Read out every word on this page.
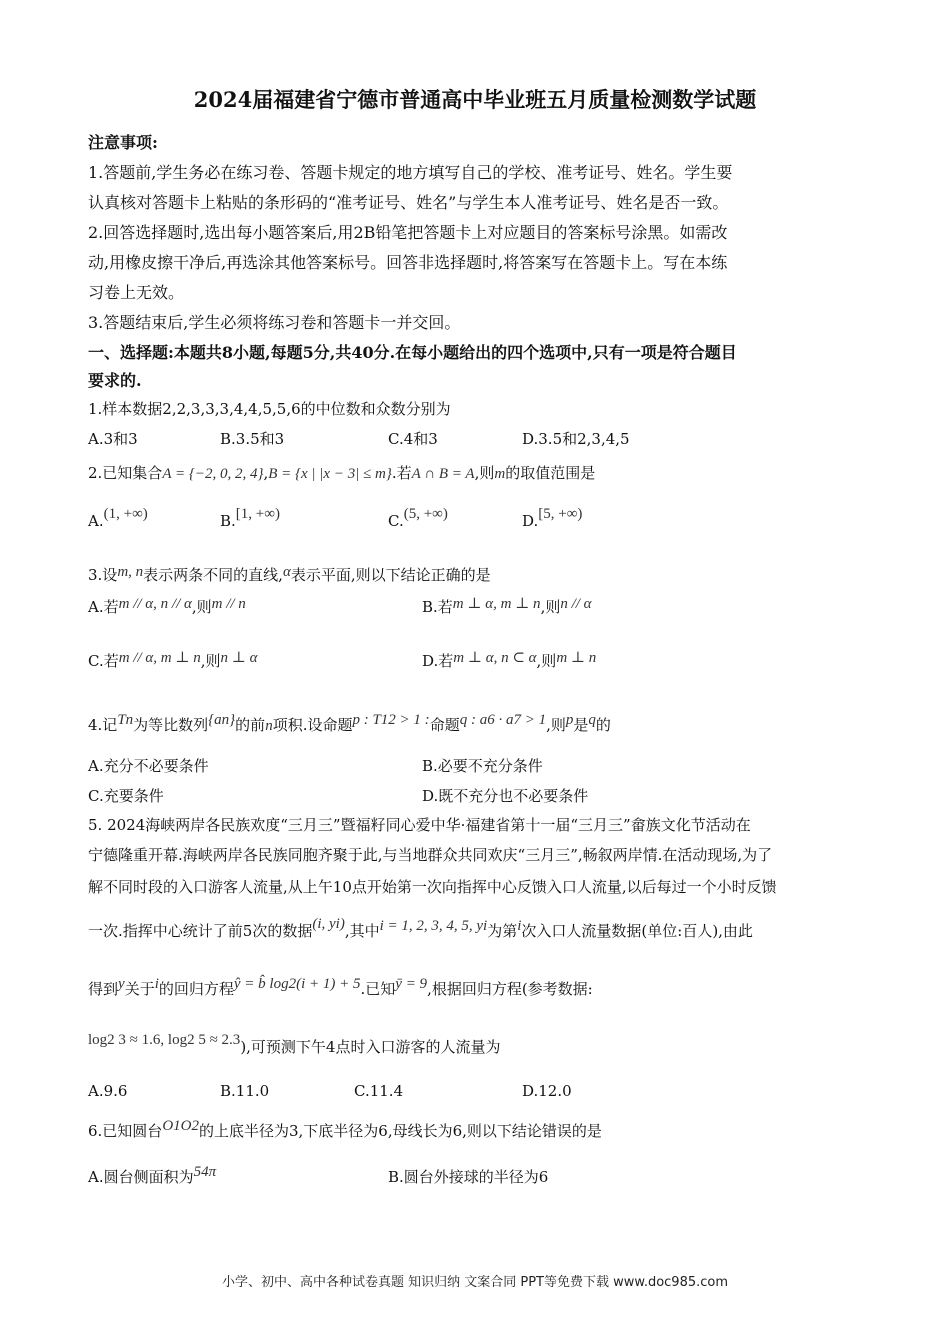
2024届福建省宁德市普通高中毕业班五月质量检测数学试题
注意事项:
1.答题前,学生务必在练习卷、答题卡规定的地方填写自己的学校、准考证号、姓名。学生要
认真核对答题卡上粘贴的条形码的“准考证号、姓名”与学生本人准考证号、姓名是否一致。
2.回答选择题时,选出每小题答案后,用2B铅笔把答题卡上对应题目的答案标号涂黑。如需改
动,用橡皮擦干净后,再选涂其他答案标号。回答非选择题时,将答案写在答题卡上。写在本练
习卷上无效。
3.答题结束后,学生必须将练习卷和答题卡一并交回。
一、选择题:本题共8小题,每题5分,共40分.在每小题给出的四个选项中,只有一项是符合题目
要求的.
1.样本数据2,2,3,3,3,4,4,5,5,6的中位数和众数分别为
A.3和3	B.3.5和3	C.4和3	D.3.5和2,3,4,5
2.已知集合A = {−2, 0, 2, 4},B = {x | |x − 3| ≤ m}.若A ∩ B = A,则m的取值范围是
A.(1, +∞)	B.[1, +∞)	C.(5, +∞)	D.[5, +∞)
3.设m, n表示两条不同的直线,α表示平面,则以下结论正确的是
A.若m // α, n // α,则m // n	B.若m ⊥ α, m ⊥ n,则n // α
C.若m // α, m ⊥ n,则n ⊥ α	D.若m ⊥ α, n ⊂ α,则m ⊥ n
4.记Tn为等比数列{an}的前n项积.设命题p : T12 > 1 :命题q : a6 · a7 > 1,则p是q的
A.充分不必要条件	B.必要不充分条件
C.充要条件	D.既不充分也不必要条件
5. 2024海峡两岸各民族欢度“三月三”暨福籽同心爱中华·福建省第十一届“三月三”畲族文化节活动在
宁德隆重开幕.海峡两岸各民族同胞齐聚于此,与当地群众共同欢庆“三月三”,畅叙两岸情.在活动现场,为了
解不同时段的入口游客人流量,从上午10点开始第一次向指挥中心反馈入口人流量,以后每过一个小时反馈
一次.指挥中心统计了前5次的数据(i, yi),其中i = 1, 2, 3, 4, 5, yi为第i次入口人流量数据(单位:百人),由此
得到y关于i的回归方程ŷ = b̂ log2(i + 1) + 5.已知ȳ = 9,根据回归方程(参考数据:
log2 3 ≈ 1.6, log2 5 ≈ 2.3),可预测下午4点时入口游客的人流量为
A.9.6	B.11.0	C.11.4	D.12.0
6.已知圆台O1O2的上底半径为3,下底半径为6,母线长为6,则以下结论错误的是
A.圆台侧面积为54π	B.圆台外接球的半径为6
小学、初中、高中各种试卷真题 知识归纳 文案合同 PPT等免费下载 www.doc985.com
